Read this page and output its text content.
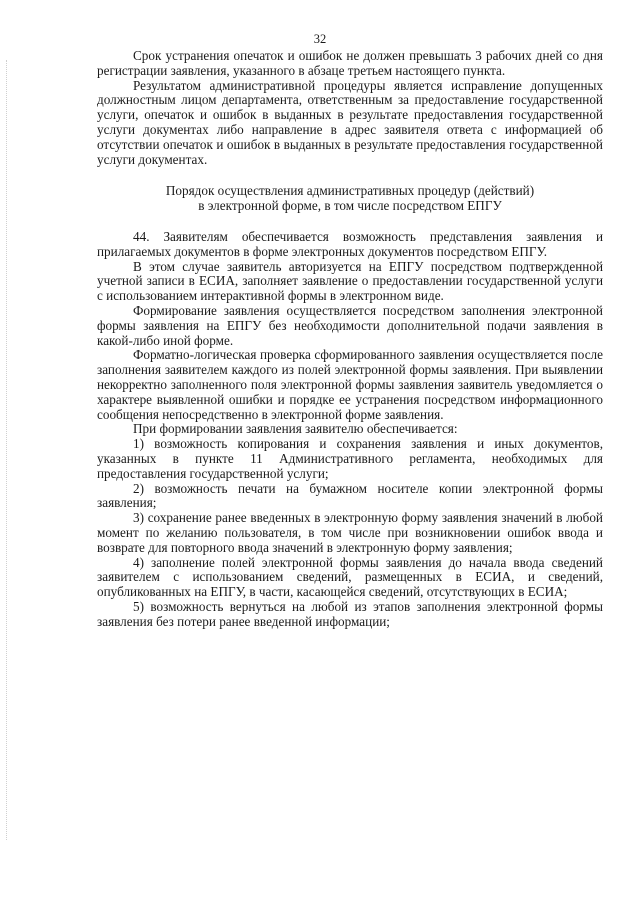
32

Срок устранения опечаток и ошибок не должен превышать 3 рабочих дней со дня регистрации заявления, указанного в абзаце третьем настоящего пункта.

Результатом административной процедуры является исправление допущенных должностным лицом департамента, ответственным за предоставление государственной услуги, опечаток и ошибок в выданных в результате предоставления государственной услуги документах либо направление в адрес заявителя ответа с информацией об отсутствии опечаток и ошибок в выданных в результате предоставления государственной услуги документах.

Порядок осуществления административных процедур (действий)
в электронной форме, в том числе посредством ЕПГУ

44. Заявителям обеспечивается возможность представления заявления и прилагаемых документов в форме электронных документов посредством ЕПГУ.

В этом случае заявитель авторизуется на ЕПГУ посредством подтвержденной учетной записи в ЕСИА, заполняет заявление о предоставлении государственной услуги с использованием интерактивной формы в электронном виде.

Формирование заявления осуществляется посредством заполнения электронной формы заявления на ЕПГУ без необходимости дополнительной подачи заявления в какой-либо иной форме.

Форматно-логическая проверка сформированного заявления осуществляется после заполнения заявителем каждого из полей электронной формы заявления. При выявлении некорректно заполненного поля электронной формы заявления заявитель уведомляется о характере выявленной ошибки и порядке ее устранения посредством информационного сообщения непосредственно в электронной форме заявления.

При формировании заявления заявителю обеспечивается:

1) возможность копирования и сохранения заявления и иных документов, указанных в пункте 11 Административного регламента, необходимых для предоставления государственной услуги;

2) возможность печати на бумажном носителе копии электронной формы заявления;

3) сохранение ранее введенных в электронную форму заявления значений в любой момент по желанию пользователя, в том числе при возникновении ошибок ввода и возврате для повторного ввода значений в электронную форму заявления;

4) заполнение полей электронной формы заявления до начала ввода сведений заявителем с использованием сведений, размещенных в ЕСИА, и сведений, опубликованных на ЕПГУ, в части, касающейся сведений, отсутствующих в ЕСИА;

5) возможность вернуться на любой из этапов заполнения электронной формы заявления без потери ранее введенной информации;
